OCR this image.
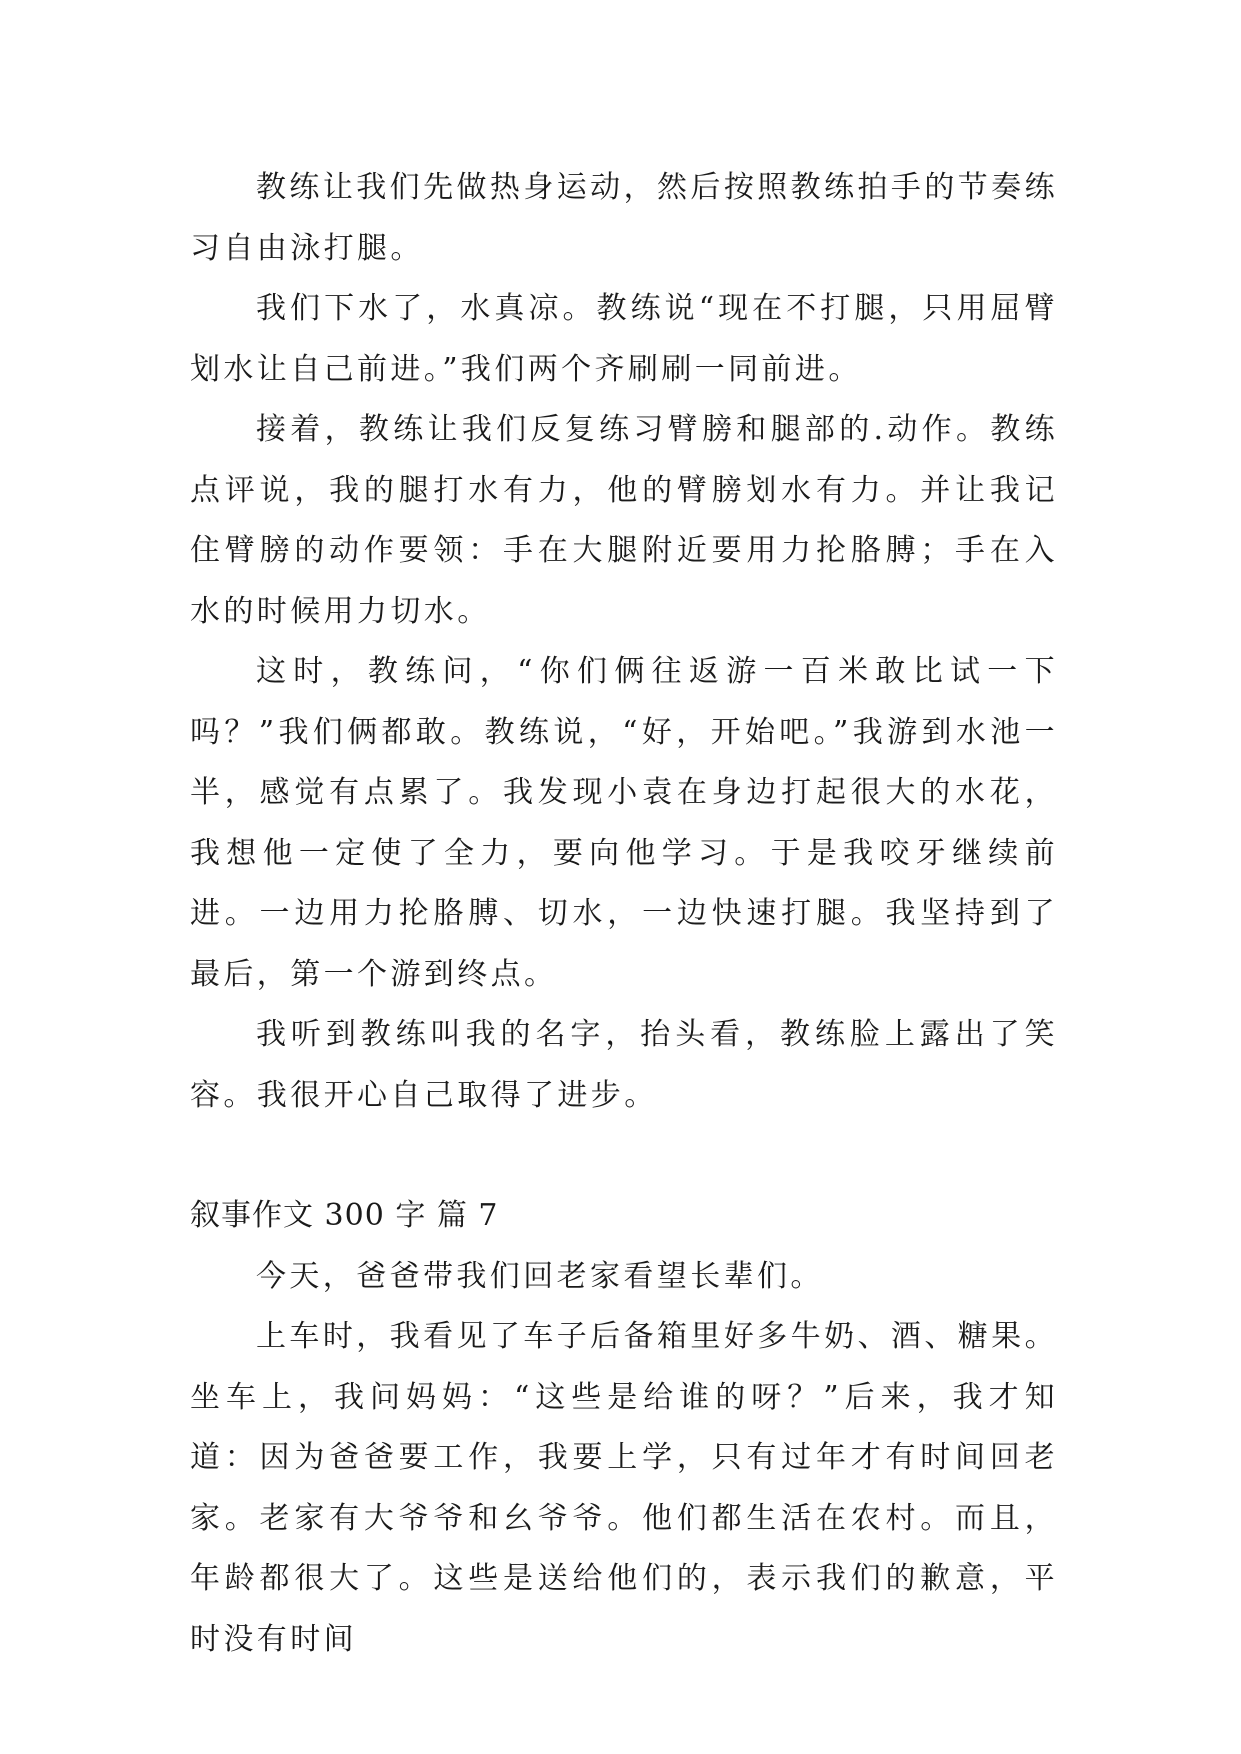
教练让我们先做热身运动，然后按照教练拍手的节奏练习自由泳打腿。

我们下水了，水真凉。教练说“现在不打腿，只用屈臂划水让自己前进。”我们两个齐刷刷一同前进。

接着，教练让我们反复练习臂膀和腿部的.动作。教练点评说，我的腿打水有力，他的臂膀划水有力。并让我记住臂膀的动作要领：手在大腿附近要用力抡胳膊；手在入水的时候用力切水。

这时，教练问，“你们俩往返游一百米敢比试一下吗？”我们俩都敢。教练说，“好，开始吧。”我游到水池一半，感觉有点累了。我发现小袁在身边打起很大的水花，我想他一定使了全力，要向他学习。于是我咬牙继续前进。一边用力抡胳膊、切水，一边快速打腿。我坚持到了最后，第一个游到终点。

我听到教练叫我的名字，抬头看，教练脸上露出了笑容。我很开心自己取得了进步。

叙事作文 300 字 篇 7

今天，爸爸带我们回老家看望长辈们。

上车时，我看见了车子后备箱里好多牛奶、酒、糖果。坐车上，我问妈妈：“这些是给谁的呀？”后来，我才知道：因为爸爸要工作，我要上学，只有过年才有时间回老家。老家有大爷爷和幺爷爷。他们都生活在农村。而且，年龄都很大了。这些是送给他们的，表示我们的歉意，平时没有时间
